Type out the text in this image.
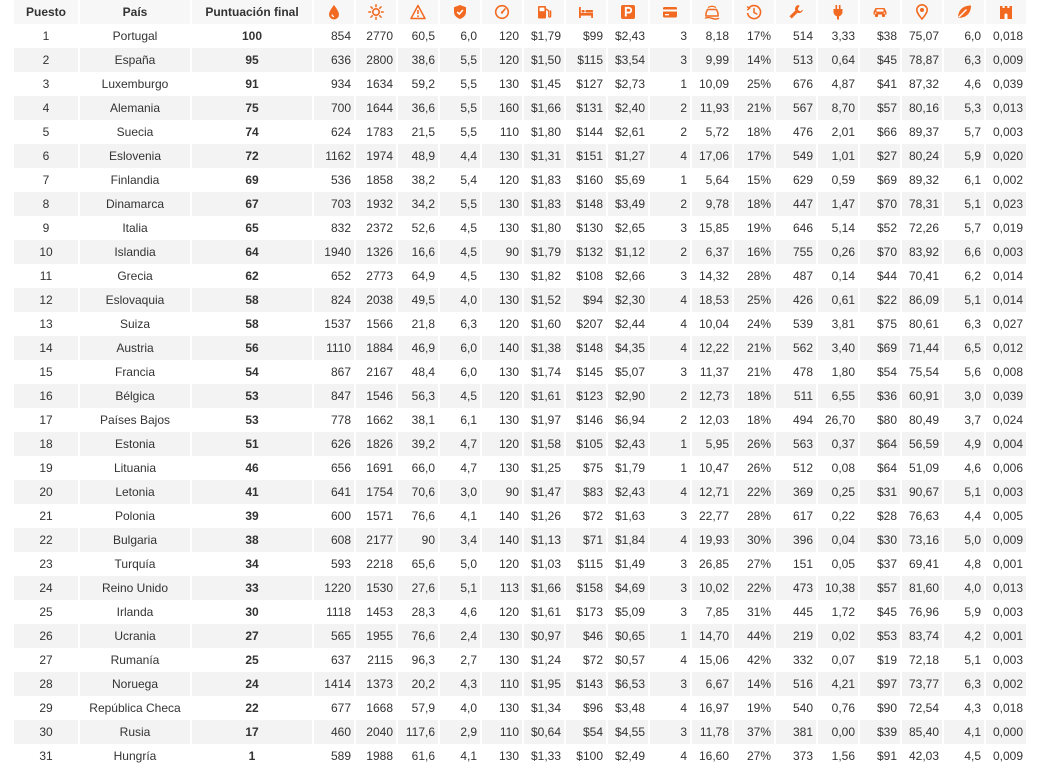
Puesto	País	Puntuación final	

1	Portugal	100	854	2770	60,5	6,0	120	$1,79	$99	$2,43	3	8,18	17%	514	3,33	$38	75,07	6,0	0,018
2	España	95	636	2800	38,6	5,5	120	$1,50	$115	$3,54	3	9,99	14%	513	0,64	$45	78,87	6,3	0,009
3	Luxemburgo	91	934	1634	59,2	5,5	130	$1,45	$127	$2,73	1	10,09	25%	676	4,87	$41	87,32	4,6	0,039
4	Alemania	75	700	1644	36,6	5,5	160	$1,66	$131	$2,40	2	11,93	21%	567	8,70	$57	80,16	5,3	0,013
5	Suecia	74	624	1783	21,5	5,5	110	$1,80	$144	$2,61	2	5,72	18%	476	2,01	$66	89,37	5,7	0,003
6	Eslovenia	72	1162	1974	48,9	4,4	130	$1,31	$151	$1,27	4	17,06	17%	549	1,01	$27	80,24	5,9	0,020
7	Finlandia	69	536	1858	38,2	5,4	120	$1,83	$160	$5,69	1	5,64	15%	629	0,59	$69	89,32	6,1	0,002
8	Dinamarca	67	703	1932	34,2	5,5	130	$1,83	$148	$3,49	2	9,78	18%	447	1,47	$70	78,31	5,1	0,023
9	Italia	65	832	2372	52,6	4,5	130	$1,80	$130	$2,65	3	15,85	19%	646	5,14	$52	72,26	5,7	0,019
10	Islandia	64	1940	1326	16,6	4,5	90	$1,79	$132	$1,12	2	6,37	16%	755	0,26	$70	83,92	6,6	0,003
11	Grecia	62	652	2773	64,9	4,5	130	$1,82	$108	$2,66	3	14,32	28%	487	0,14	$44	70,41	6,2	0,014
12	Eslovaquia	58	824	2038	49,5	4,0	130	$1,52	$94	$2,30	4	18,53	25%	426	0,61	$22	86,09	5,1	0,014
13	Suiza	58	1537	1566	21,8	6,3	120	$1,60	$207	$2,44	4	10,04	24%	539	3,81	$75	80,61	6,3	0,027
14	Austria	56	1110	1884	46,9	6,0	140	$1,38	$148	$4,35	4	12,22	21%	562	3,40	$69	71,44	6,5	0,012
15	Francia	54	867	2167	48,4	6,0	130	$1,74	$145	$5,07	3	11,37	21%	478	1,80	$54	75,54	5,6	0,008
16	Bélgica	53	847	1546	56,3	4,5	120	$1,61	$123	$2,90	2	12,73	18%	511	6,55	$36	60,91	3,0	0,039
17	Países Bajos	53	778	1662	38,1	6,1	130	$1,97	$146	$6,94	2	12,03	18%	494	26,70	$80	80,49	3,7	0,024
18	Estonia	51	626	1826	39,2	4,7	120	$1,58	$105	$2,43	1	5,95	26%	563	0,37	$64	56,59	4,9	0,004
19	Lituania	46	656	1691	66,0	4,7	130	$1,25	$75	$1,79	1	10,47	26%	512	0,08	$64	51,09	4,6	0,006
20	Letonia	41	641	1754	70,6	3,0	90	$1,47	$83	$2,43	4	12,71	22%	369	0,25	$31	90,67	5,1	0,003
21	Polonia	39	600	1571	76,6	4,1	140	$1,26	$72	$1,63	3	22,77	28%	617	0,22	$28	76,63	4,4	0,005
22	Bulgaria	38	608	2177	90	3,4	140	$1,13	$71	$1,84	4	19,93	30%	396	0,04	$30	73,16	5,0	0,009
23	Turquía	34	593	2218	65,6	5,0	120	$1,03	$115	$1,49	3	26,85	27%	151	0,05	$37	69,41	4,8	0,001
24	Reino Unido	33	1220	1530	27,6	5,1	113	$1,66	$158	$4,69	3	10,02	22%	473	10,38	$57	81,60	4,0	0,013
25	Irlanda	30	1118	1453	28,3	4,6	120	$1,61	$173	$5,09	3	7,85	31%	445	1,72	$45	76,96	5,9	0,003
26	Ucrania	27	565	1955	76,6	2,4	130	$0,97	$46	$0,65	1	14,70	44%	219	0,02	$53	83,74	4,2	0,001
27	Rumanía	25	637	2115	96,3	2,7	130	$1,24	$72	$0,57	4	15,06	42%	332	0,07	$19	72,18	5,1	0,003
28	Noruega	24	1414	1373	20,2	4,3	110	$1,95	$143	$6,53	3	6,67	14%	516	4,21	$97	73,77	6,3	0,002
29	República Checa	22	677	1668	57,9	4,0	130	$1,34	$96	$3,48	4	16,97	19%	540	0,76	$90	72,54	4,3	0,018
30	Rusia	17	460	2040	117,6	2,9	110	$0,64	$54	$4,55	3	11,78	37%	381	0,00	$39	85,40	4,1	0,000
31	Hungría	1	589	1988	61,6	4,1	130	$1,33	$100	$2,49	4	16,60	27%	373	1,56	$91	42,03	4,5	0,009
